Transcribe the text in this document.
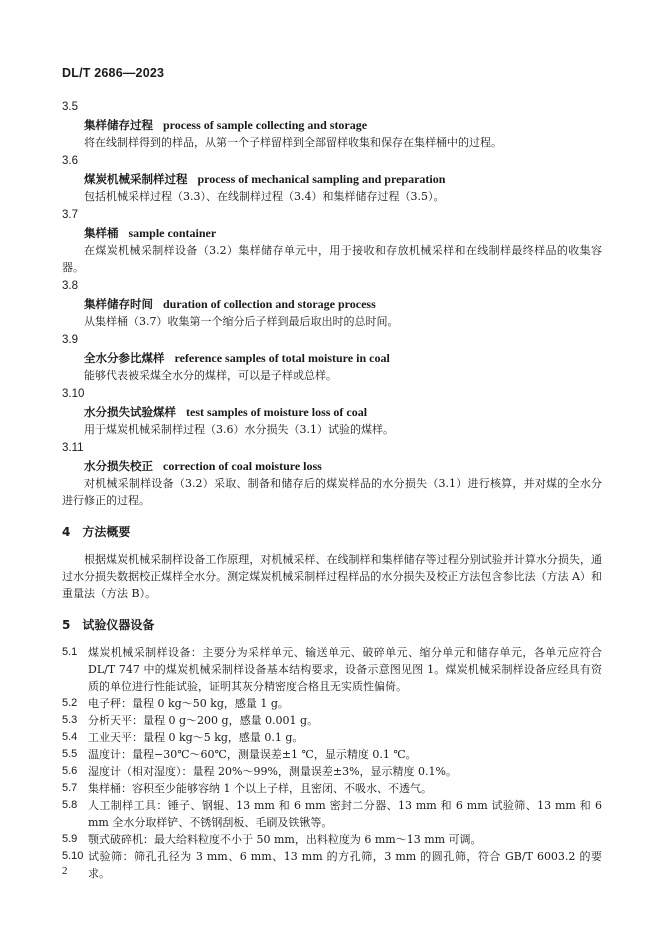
DL/T 2686—2023
3.5
集样储存过程 process of sample collecting and storage
将在线制样得到的样品，从第一个子样留样到全部留样收集和保存在集样桶中的过程。
3.6
煤炭机械采制样过程 process of mechanical sampling and preparation
包括机械采样过程（3.3）、在线制样过程（3.4）和集样储存过程（3.5）。
3.7
集样桶 sample container
在煤炭机械采制样设备（3.2）集样储存单元中，用于接收和存放机械采样和在线制样最终样品的收集容器。
3.8
集样储存时间 duration of collection and storage process
从集样桶（3.7）收集第一个缩分后子样到最后取出时的总时间。
3.9
全水分参比煤样 reference samples of total moisture in coal
能够代表被采煤全水分的煤样，可以是子样或总样。
3.10
水分损失试验煤样 test samples of moisture loss of coal
用于煤炭机械采制样过程（3.6）水分损失（3.1）试验的煤样。
3.11
水分损失校正 correction of coal moisture loss
对机械采制样设备（3.2）采取、制备和储存后的煤炭样品的水分损失（3.1）进行核算，并对煤的全水分进行修正的过程。
4　方法概要
根据煤炭机械采制样设备工作原理，对机械采样、在线制样和集样储存等过程分别试验并计算水分损失，通过水分损失数据校正煤样全水分。测定煤炭机械采制样过程样品的水分损失及校正方法包含参比法（方法 A）和重量法（方法 B）。
5　试验仪器设备
5.1 煤炭机械采制样设备：主要分为采样单元、输送单元、破碎单元、缩分单元和储存单元，各单元应符合 DL/T 747 中的煤炭机械采制样设备基本结构要求，设备示意图见图 1。煤炭机械采制样设备应经具有资质的单位进行性能试验，证明其灰分精密度合格且无实质性偏倚。
5.2 电子秤：量程 0 kg～50 kg，感量 1 g。
5.3 分析天平：量程 0 g～200 g，感量 0.001 g。
5.4 工业天平：量程 0 kg～5 kg，感量 0.1 g。
5.5 温度计：量程−30℃～60℃，测量误差±1 ℃，显示精度 0.1 ℃。
5.6 湿度计（相对湿度）：量程 20%～99%，测量误差±3%，显示精度 0.1%。
5.7 集样桶：容积至少能够容纳 1 个以上子样，且密闭、不吸水、不透气。
5.8 人工制样工具：锤子、钢辊、13 mm 和 6 mm 密封二分器、13 mm 和 6 mm 试验筛、13 mm 和 6 mm 全水分取样铲、不锈钢刮板、毛刷及铁锹等。
5.9 颚式破碎机：最大给料粒度不小于 50 mm，出料粒度为 6 mm～13 mm 可调。
5.10 试验筛：筛孔孔径为 3 mm、6 mm、13 mm 的方孔筛，3 mm 的圆孔筛，符合 GB/T 6003.2 的要求。
2
